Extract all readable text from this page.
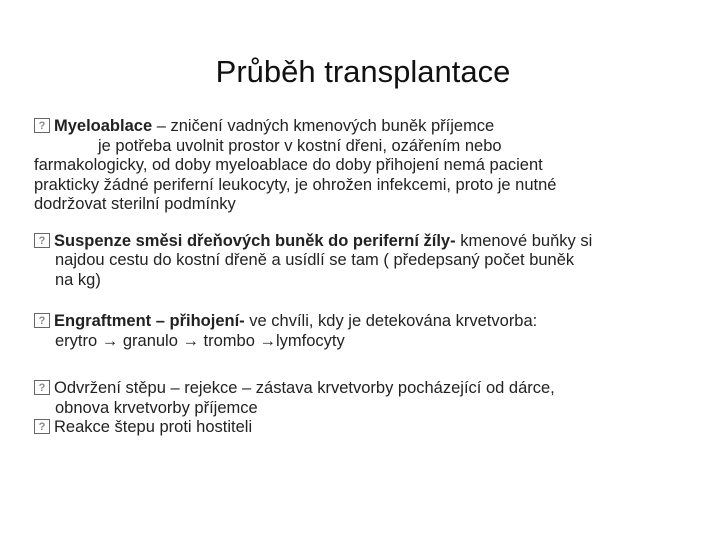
Průběh transplantace
?Myeloablace – zničení vadných kmenových buněk příjemce
je potřeba uvolnit prostor v kostní dřeni, ozářením nebo
farmakologicky, od doby myeloablace do doby přihojení nemá pacient
prakticky žádné periferní leukocyty, je ohrožen infekcemi, proto je nutné
dodržovat sterilní podmínky
?Suspenze směsi dřeňových buněk do periferní žíly- kmenové buňky si
najdou cestu do kostní dřeně a usídlí se tam ( předepsaný počet buněk
na kg)
?Engraftment – přihojení- ve chvíli, kdy je detekována krvetvorba:
erytro → granulo → trombo →lymfocyty
?Odvržení stěpu – rejekce – zástava krvetvorby pocházející od dárce,
obnova krvetvorby příjemce
?Reakce štepu proti hostiteli
